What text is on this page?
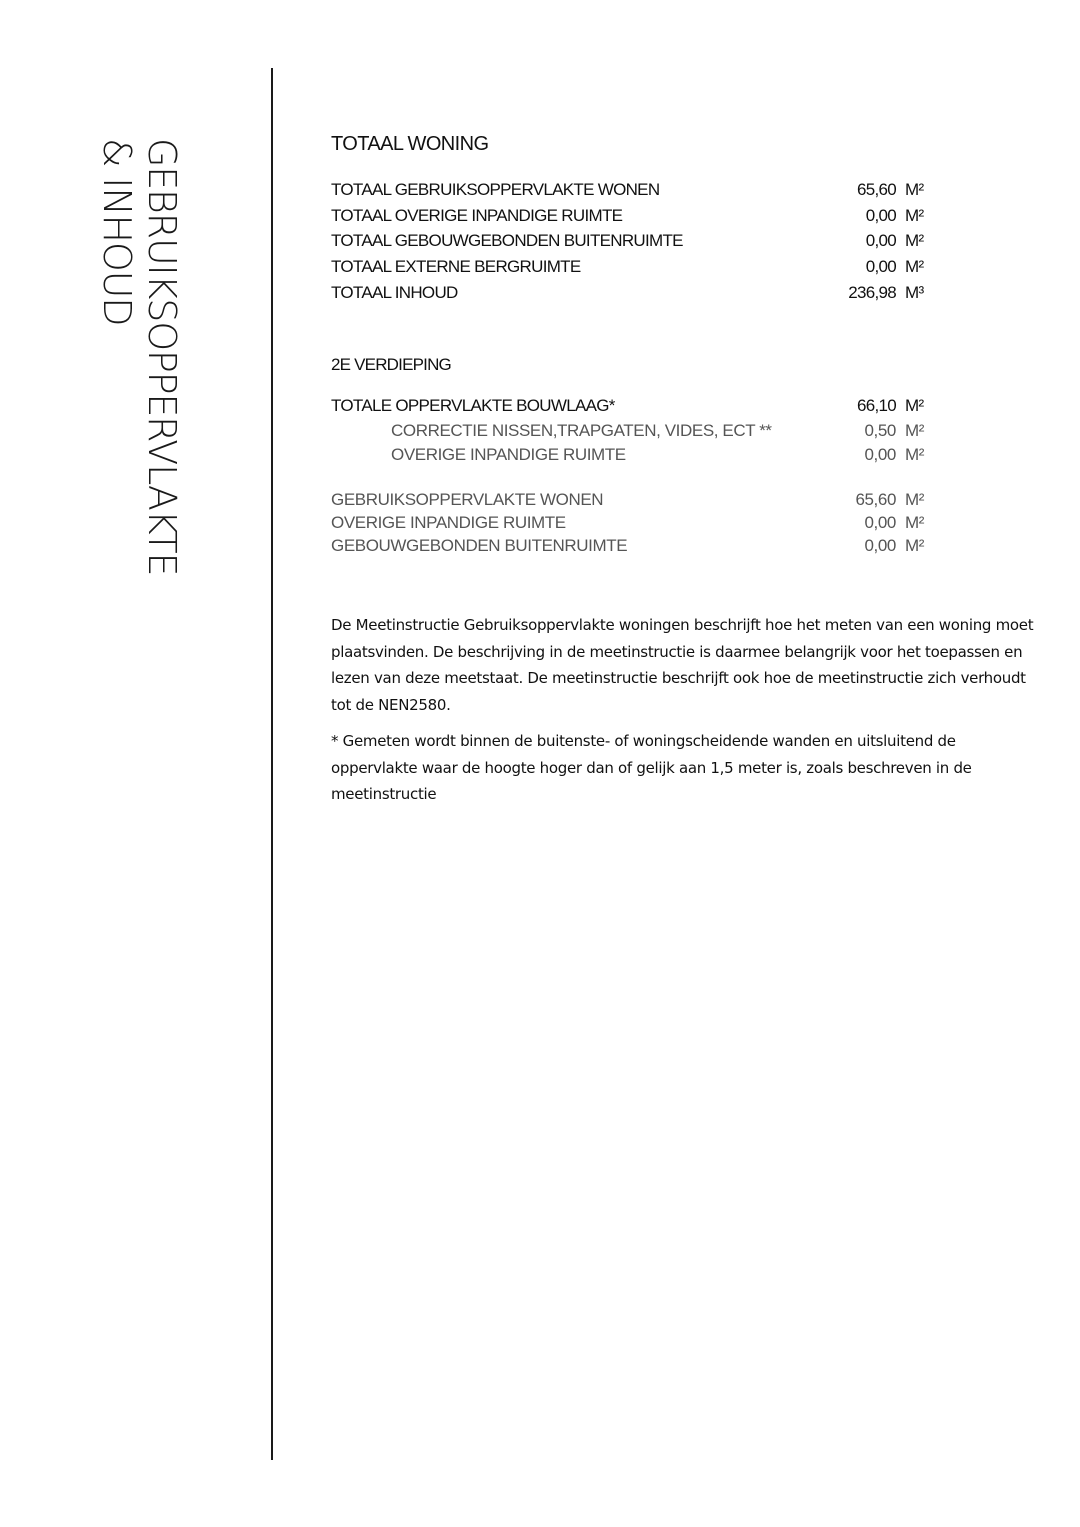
GEBRUIKSOPPERVLAKTE
& INHOUD	TOTAAL WONING
TOTAAL GEBRUIKSOPPERVLAKTE WONEN	65,60 M²
TOTAAL OVERIGE INPANDIGE RUIMTE	0,00 M²
TOTAAL GEBOUWGEBONDEN BUITENRUIMTE	0,00 M²
TOTAAL EXTERNE BERGRUIMTE	0,00 M²
TOTAAL INHOUD	236,98 M³
2E VERDIEPING
TOTALE OPPERVLAKTE BOUWLAAG*	66,10 M²
CORRECTIE NISSEN,TRAPGATEN, VIDES, ECT **	0,50 M²
OVERIGE INPANDIGE RUIMTE	0,00 M²
GEBRUIKSOPPERVLAKTE WONEN	65,60 M²
OVERIGE INPANDIGE RUIMTE	0,00 M²
GEBOUWGEBONDEN BUITENRUIMTE	0,00 M²
De Meetinstructie Gebruiksoppervlakte woningen beschrijft hoe het meten van een woning moet plaatsvinden. De beschrijving in de meetinstructie is daarmee belangrijk voor het toepassen en lezen van deze meetstaat. De meetinstructie beschrijft ook hoe de meetinstructie zich verhoudt tot de NEN2580.
* Gemeten wordt binnen de buitenste- of woningscheidende wanden en uitsluitend de oppervlakte waar de hoogte hoger dan of gelijk aan 1,5 meter is, zoals beschreven in de meetinstructie
